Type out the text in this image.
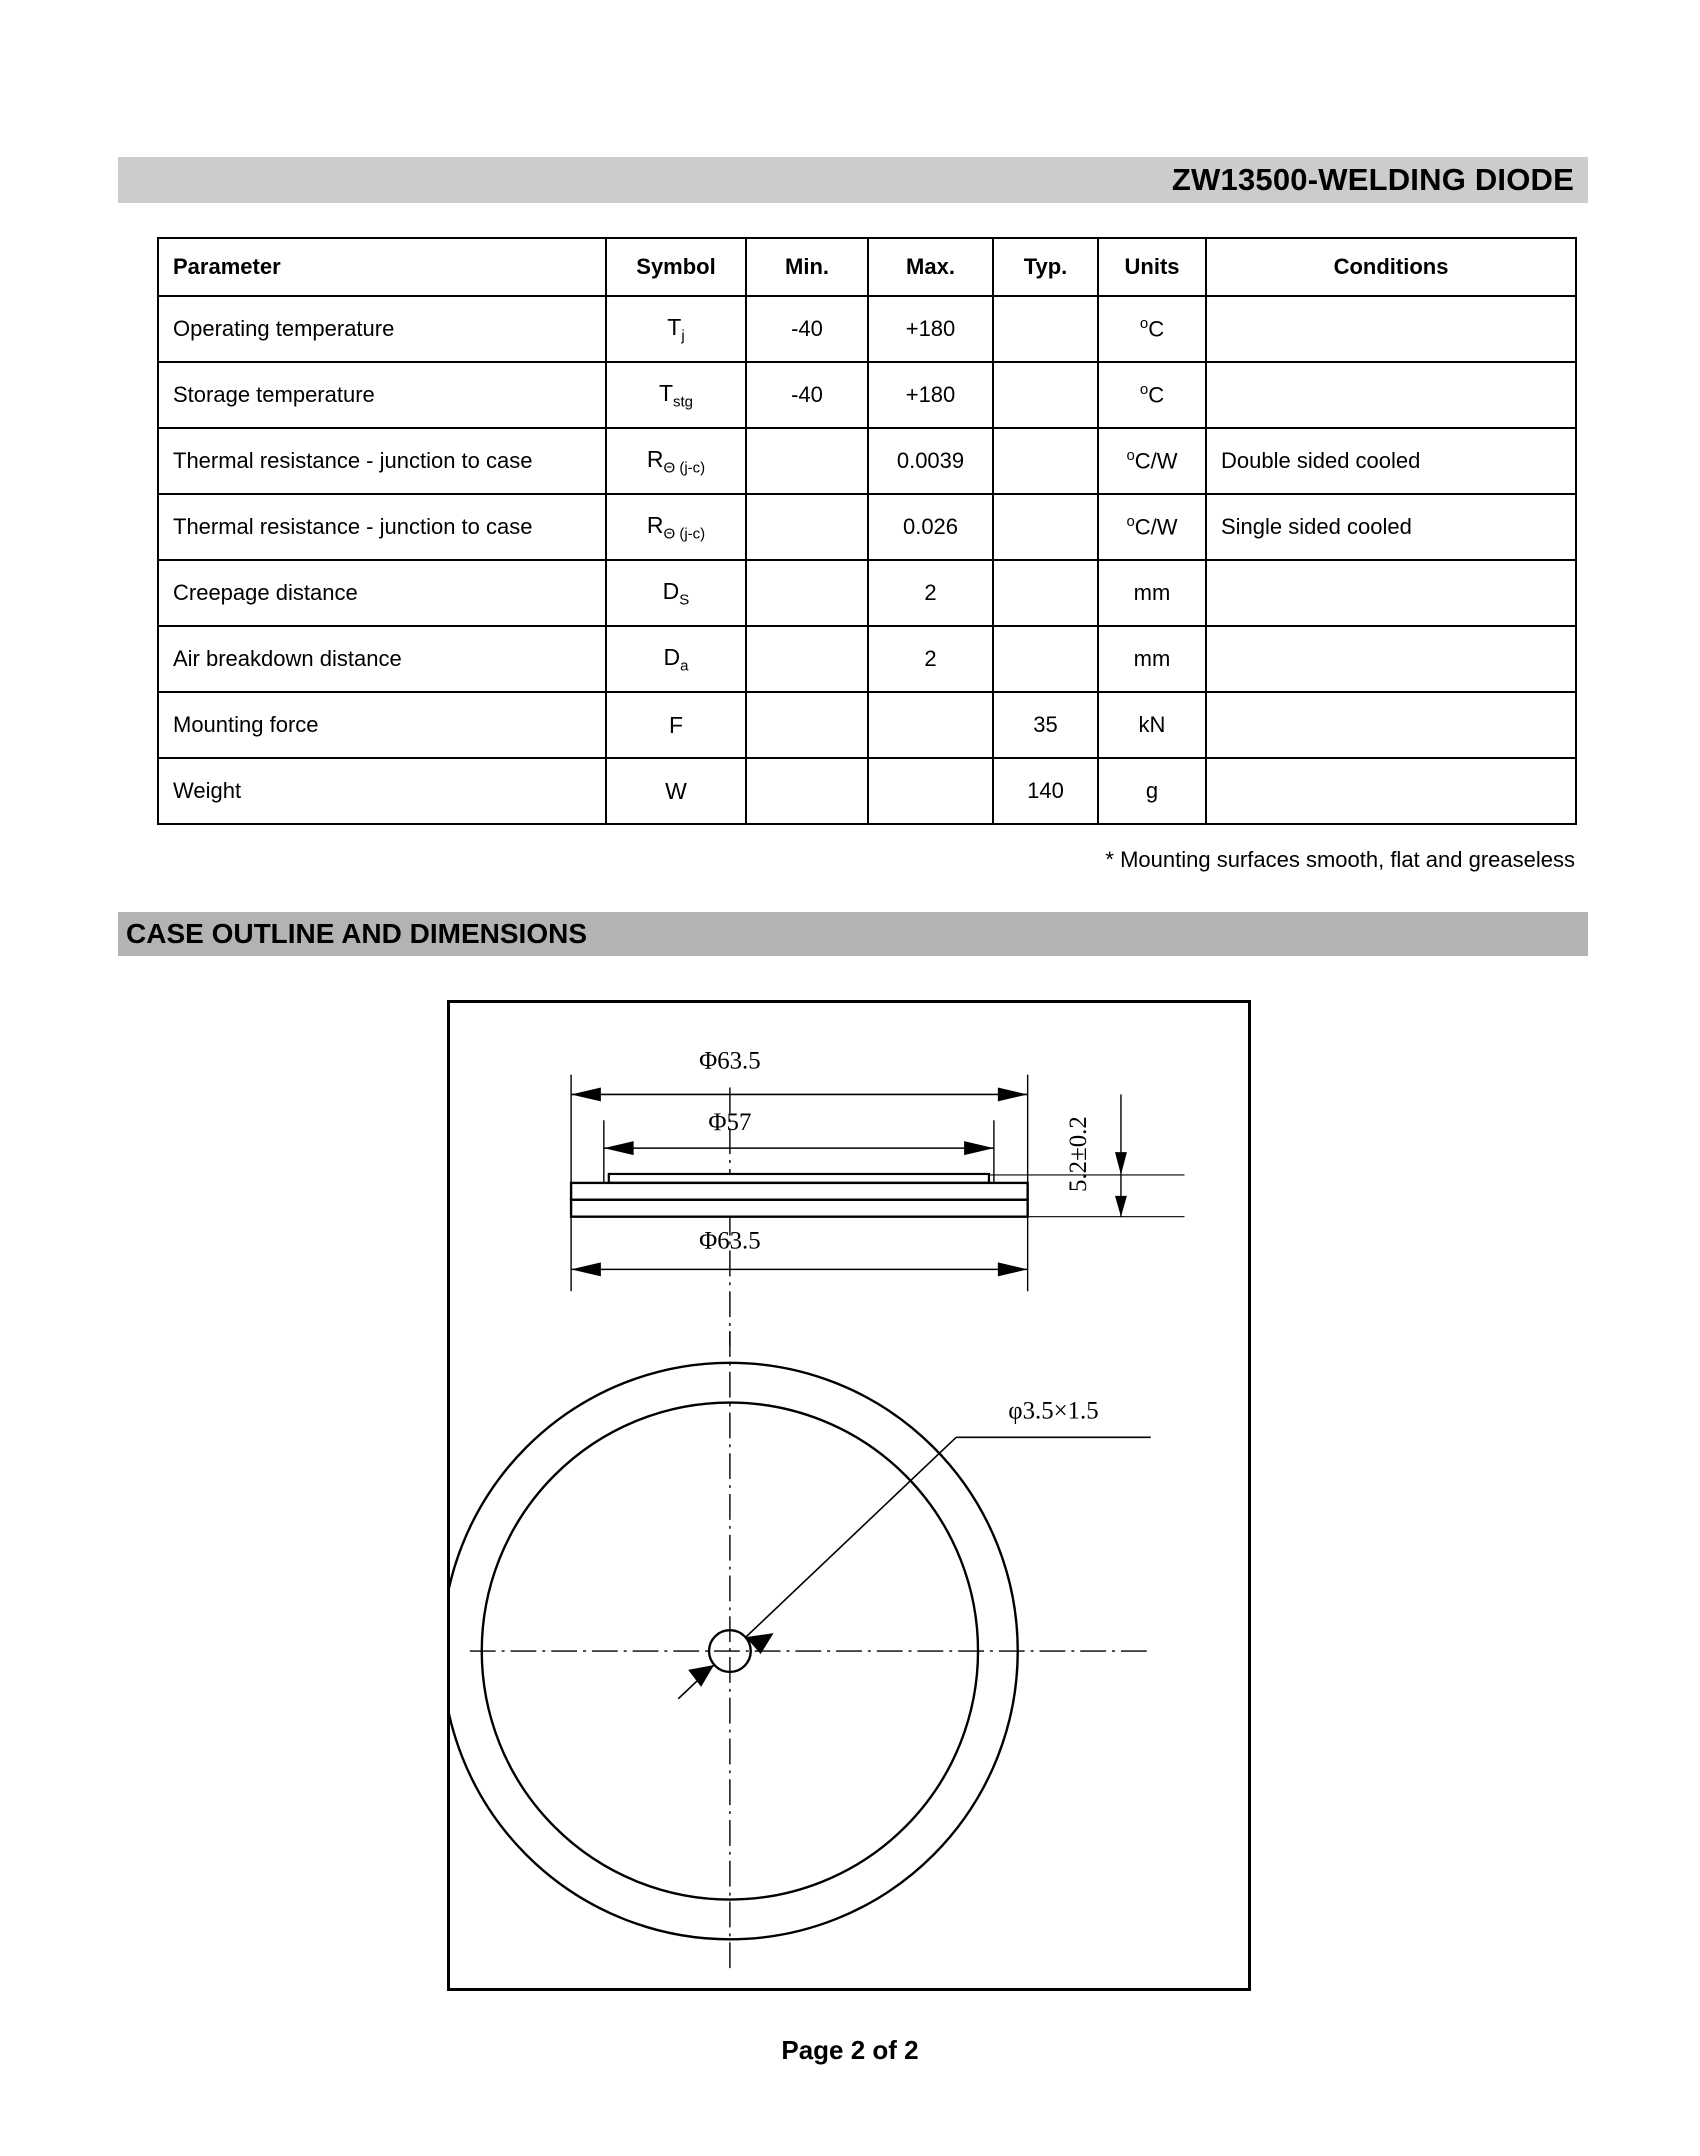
ZW13500-WELDING DIODE
Parameter	Symbol	Min.	Max.	Typ.	Units	Conditions
Operating temperature	$T_j$	-40	+180		$^o$C	
Storage temperature	$T_{stg}$	-40	+180		$^o$C	
Thermal resistance - junction to case	$R_{\Theta (j-c)}$		0.0039		$^o$C/W	Double sided cooled
Thermal resistance - junction to case	$R_{\Theta (j-c)}$		0.026		$^o$C/W	Single sided cooled
Creepage distance	$D_S$		2		mm	
Air breakdown distance	$D_a$		2		mm	
Mounting force	F			35	kN	
Weight	W			140	g	
* Mounting surfaces smooth, flat and greaseless
CASE OUTLINE AND DIMENSIONS
Φ63.5
Φ57	5.2±0.2
Φ63.5
φ3.5×1.5
Page 2 of 2
